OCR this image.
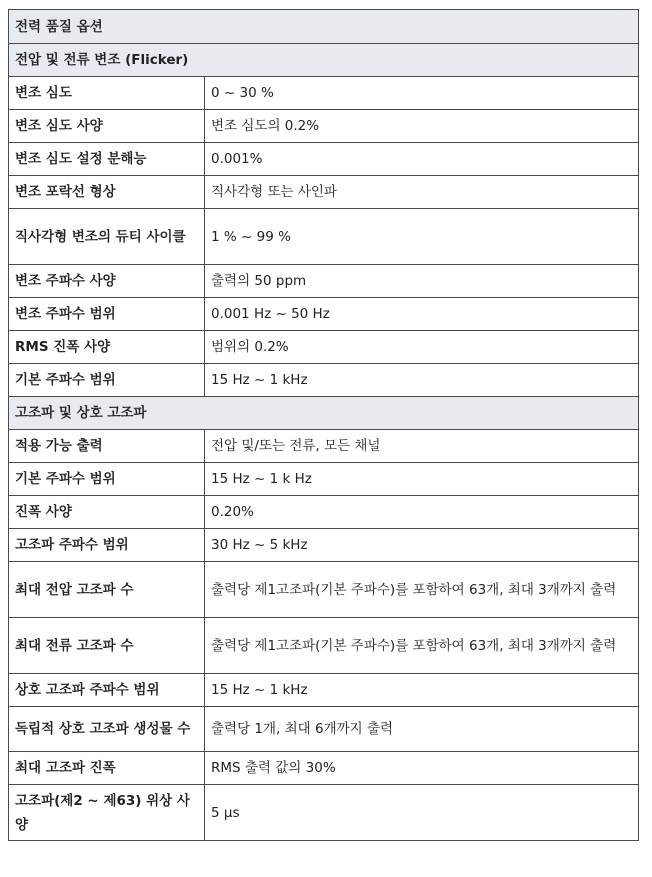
전력 품질 옵션	
전압 및 전류 변조 (Flicker)	
변조 심도	0 ~ 30 %
변조 심도 사양	변조 심도의 0.2%
변조 심도 설정 분해능	0.001%
변조 포락선 형상	직사각형 또는 사인파
직사각형 변조의 듀티 사이클	1 % ~ 99 %
변조 주파수 사양	출력의 50 ppm
변조 주파수 범위	0.001 Hz ~ 50 Hz
RMS 진폭 사양	범위의 0.2%
기본 주파수 범위	15 Hz ~ 1 kHz
고조파 및 상호 고조파	
적용 가능 출력	전압 및/또는 전류, 모든 채널
기본 주파수 범위	15 Hz ~ 1 k Hz
진폭 사양	0.20%
고조파 주파수 범위	30 Hz ~ 5 kHz
최대 전압 고조파 수	출력당 제1고조파(기본 주파수)를 포함하여 63개, 최대 3개까지 출력
최대 전류 고조파 수	출력당 제1고조파(기본 주파수)를 포함하여 63개, 최대 3개까지 출력
상호 고조파 주파수 범위	15 Hz ~ 1 kHz
독립적 상호 고조파 생성물 수	출력당 1개, 최대 6개까지 출력
최대 고조파 진폭	RMS 출력 값의 30%
고조파(제2 ~ 제63) 위상 사양	5 µs
